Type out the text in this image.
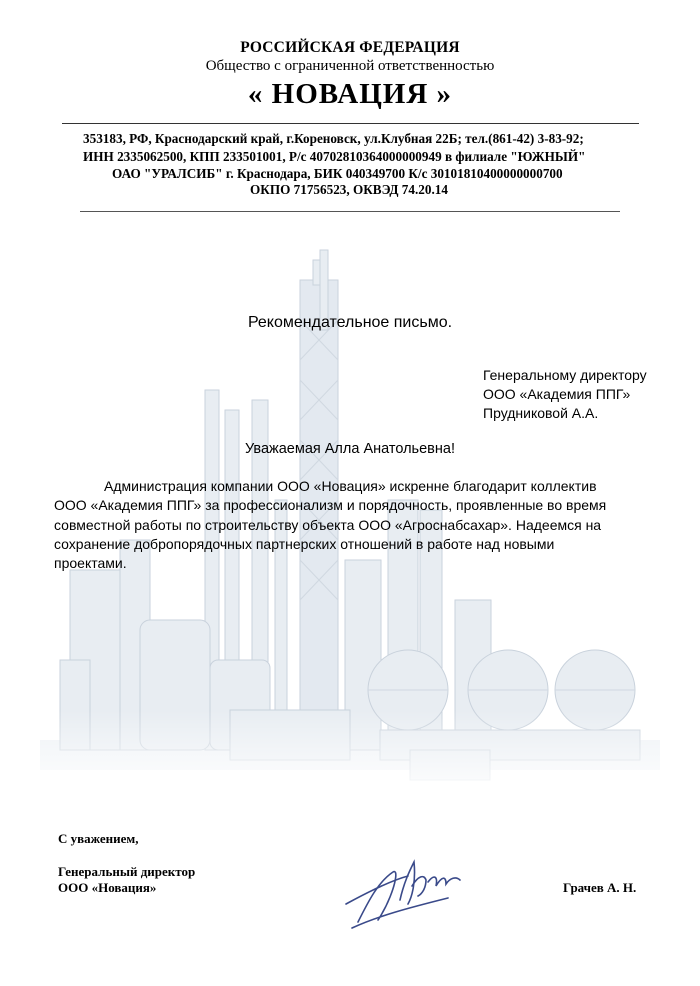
РОССИЙСКАЯ ФЕДЕРАЦИЯ
Общество с ограниченной ответственностью
« НОВАЦИЯ »
353183, РФ, Краснодарский край, г.Кореновск, ул.Клубная 22Б; тел.(861-42) 3-83-92;
ИНН 2335062500, КПП 233501001, Р/с 40702810364000000949 в филиале "ЮЖНЫЙ"
ОАО "УРАЛСИБ" г. Краснодара, БИК 040349700 К/с 30101810400000000700
ОКПО 71756523, ОКВЭД 74.20.14
Рекомендательное письмо.
Генеральному директору
ООО «Академия ППГ»
Прудниковой А.А.
Уважаемая Алла Анатольевна!
Администрация компании ООО «Новация» искренне благодарит коллектив
ООО «Академия ППГ» за профессионализм и порядочность, проявленные во время
совместной работы по строительству объекта ООО «Агроснабсахар». Надеемся на
сохранение добропорядочных партнерских отношений в работе над новыми
проектами.
С уважением,
Генеральный директор
ООО «Новация»	Грачев А. Н.
